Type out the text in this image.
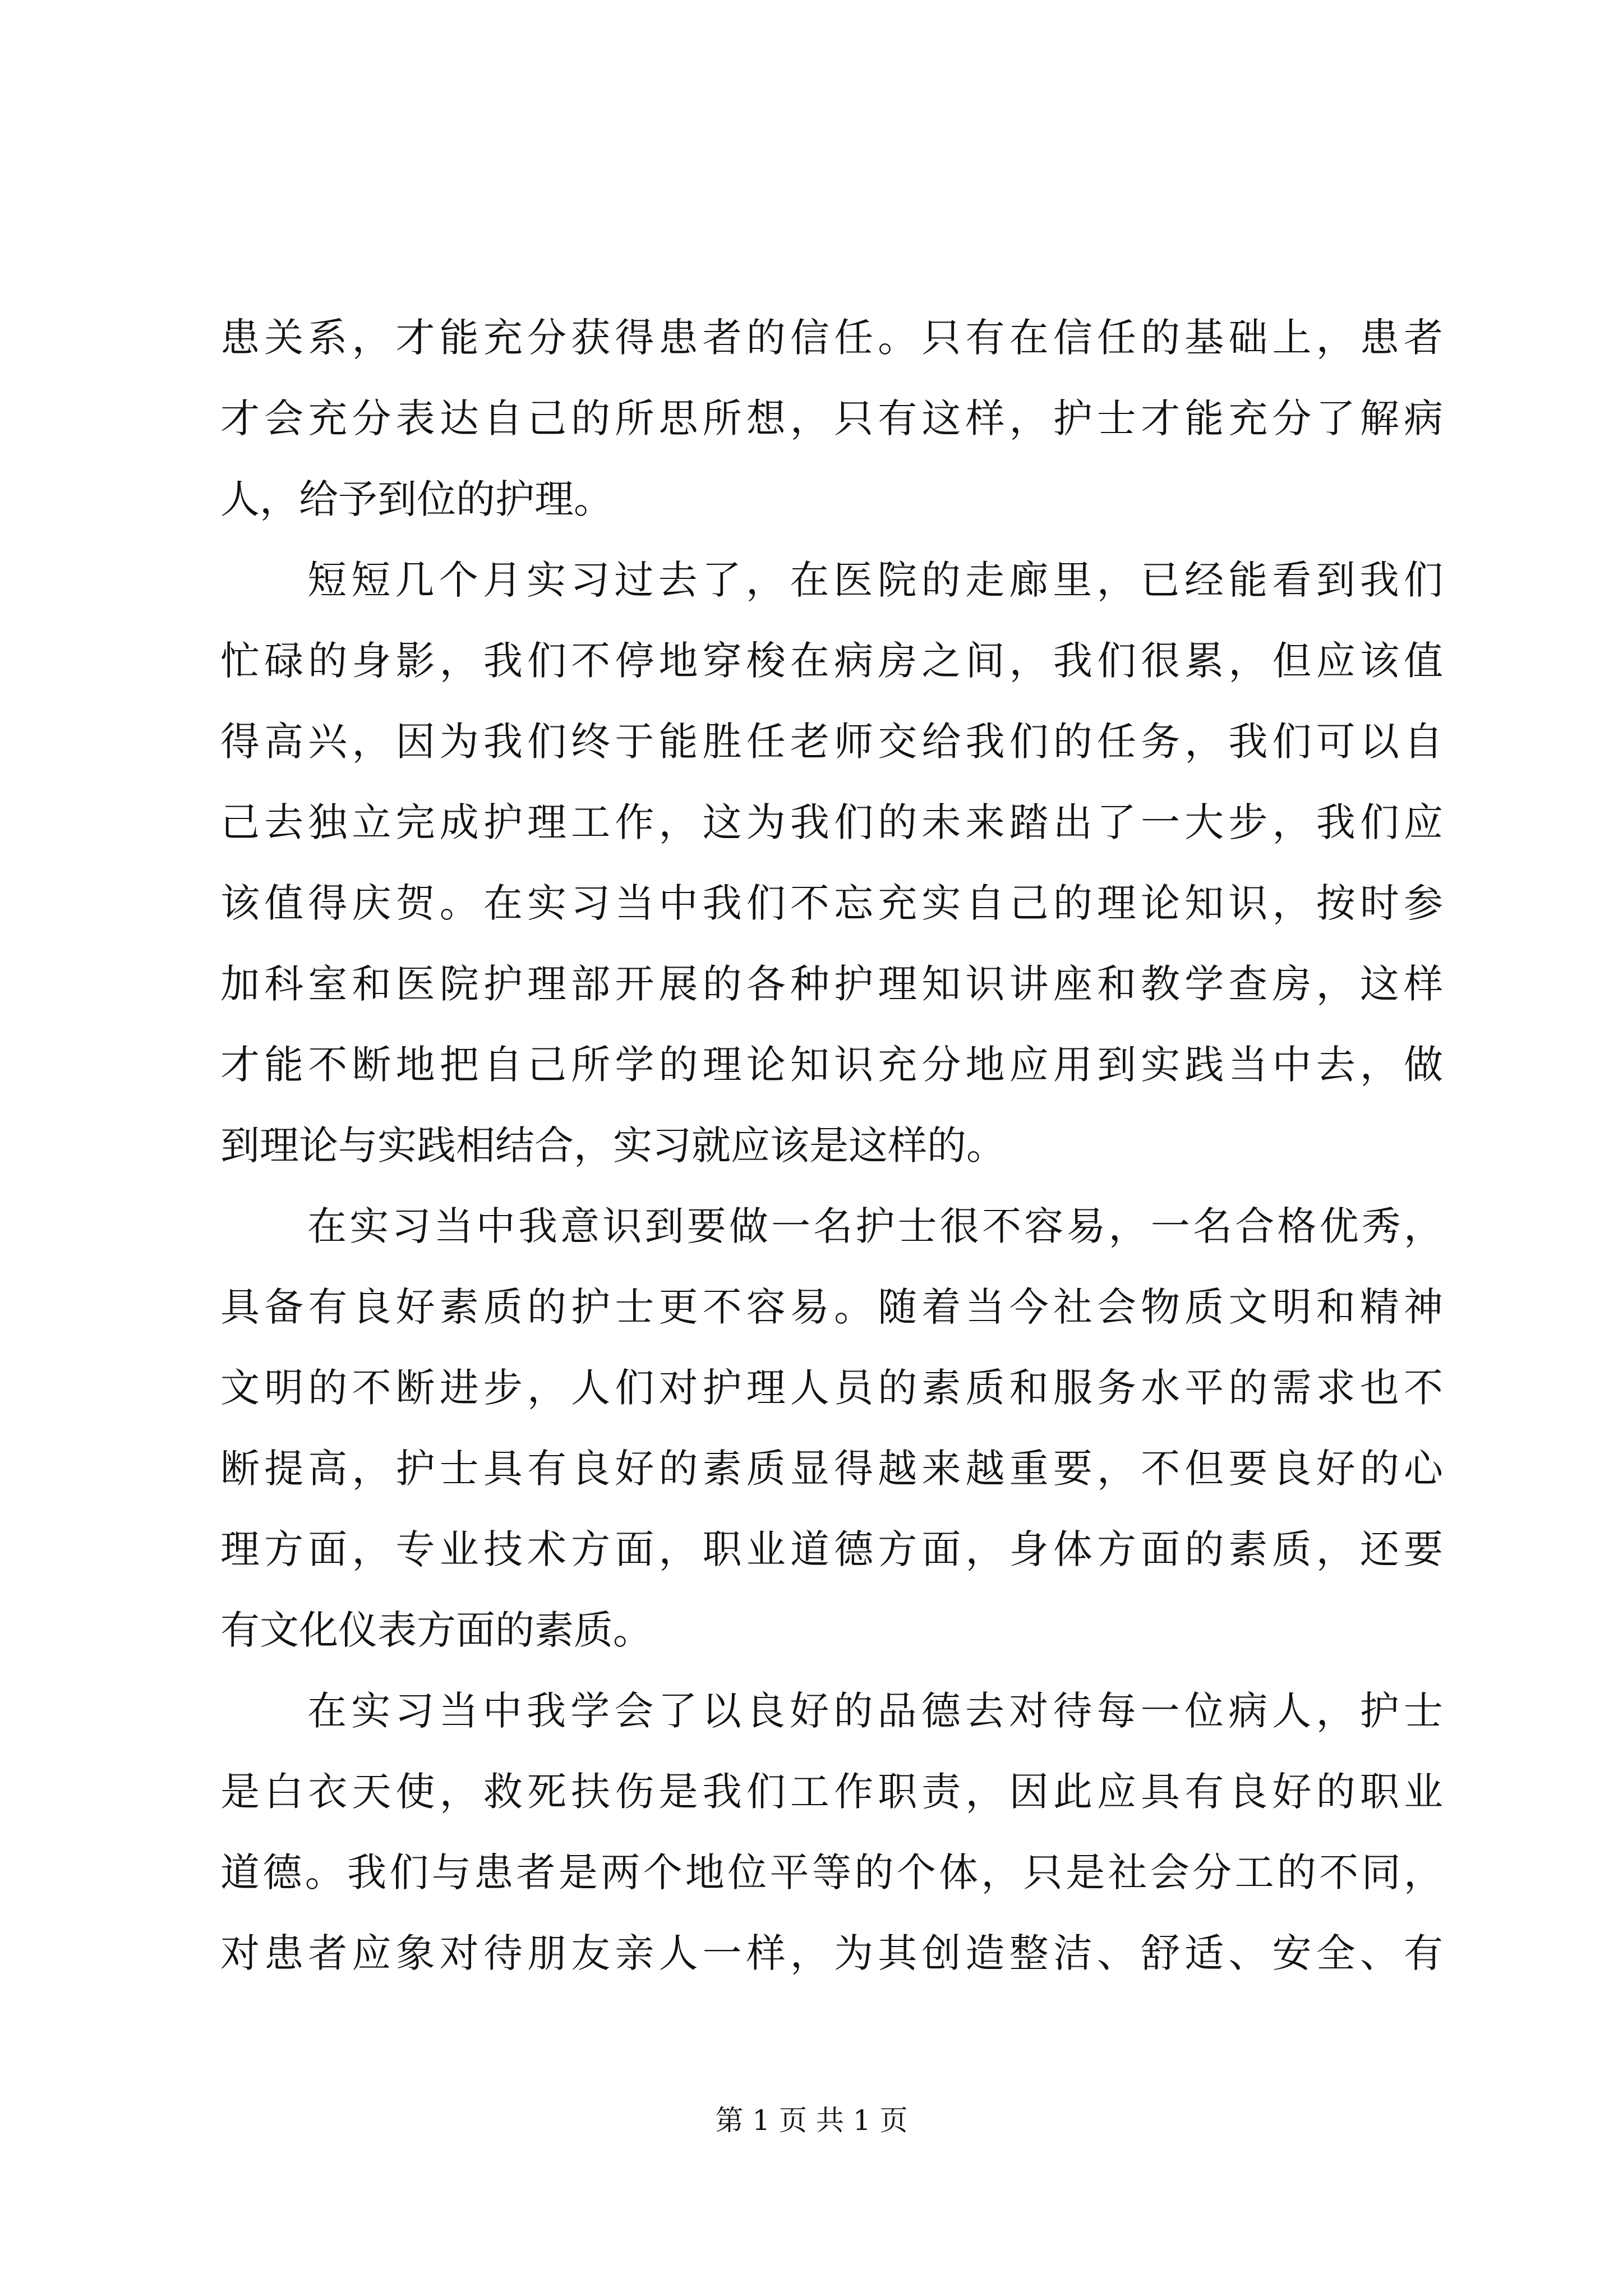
患关系，才能充分获得患者的信任。只有在信任的基础上，患者
才会充分表达自己的所思所想，只有这样，护士才能充分了解病
人，给予到位的护理。
短短几个月实习过去了，在医院的走廊里，已经能看到我们
忙碌的身影，我们不停地穿梭在病房之间，我们很累，但应该值
得高兴，因为我们终于能胜任老师交给我们的任务，我们可以自
己去独立完成护理工作，这为我们的未来踏出了一大步，我们应
该值得庆贺。在实习当中我们不忘充实自己的理论知识，按时参
加科室和医院护理部开展的各种护理知识讲座和教学查房，这样
才能不断地把自己所学的理论知识充分地应用到实践当中去，做
到理论与实践相结合，实习就应该是这样的。
在实习当中我意识到要做一名护士很不容易，一名合格优秀，
具备有良好素质的护士更不容易。随着当今社会物质文明和精神
文明的不断进步，人们对护理人员的素质和服务水平的需求也不
断提高，护士具有良好的素质显得越来越重要，不但要良好的心
理方面，专业技术方面，职业道德方面，身体方面的素质，还要
有文化仪表方面的素质。
在实习当中我学会了以良好的品德去对待每一位病人，护士
是白衣天使，救死扶伤是我们工作职责，因此应具有良好的职业
道德。我们与患者是两个地位平等的个体，只是社会分工的不同，
对患者应象对待朋友亲人一样，为其创造整洁、舒适、安全、有
第 1 页 共 1 页
